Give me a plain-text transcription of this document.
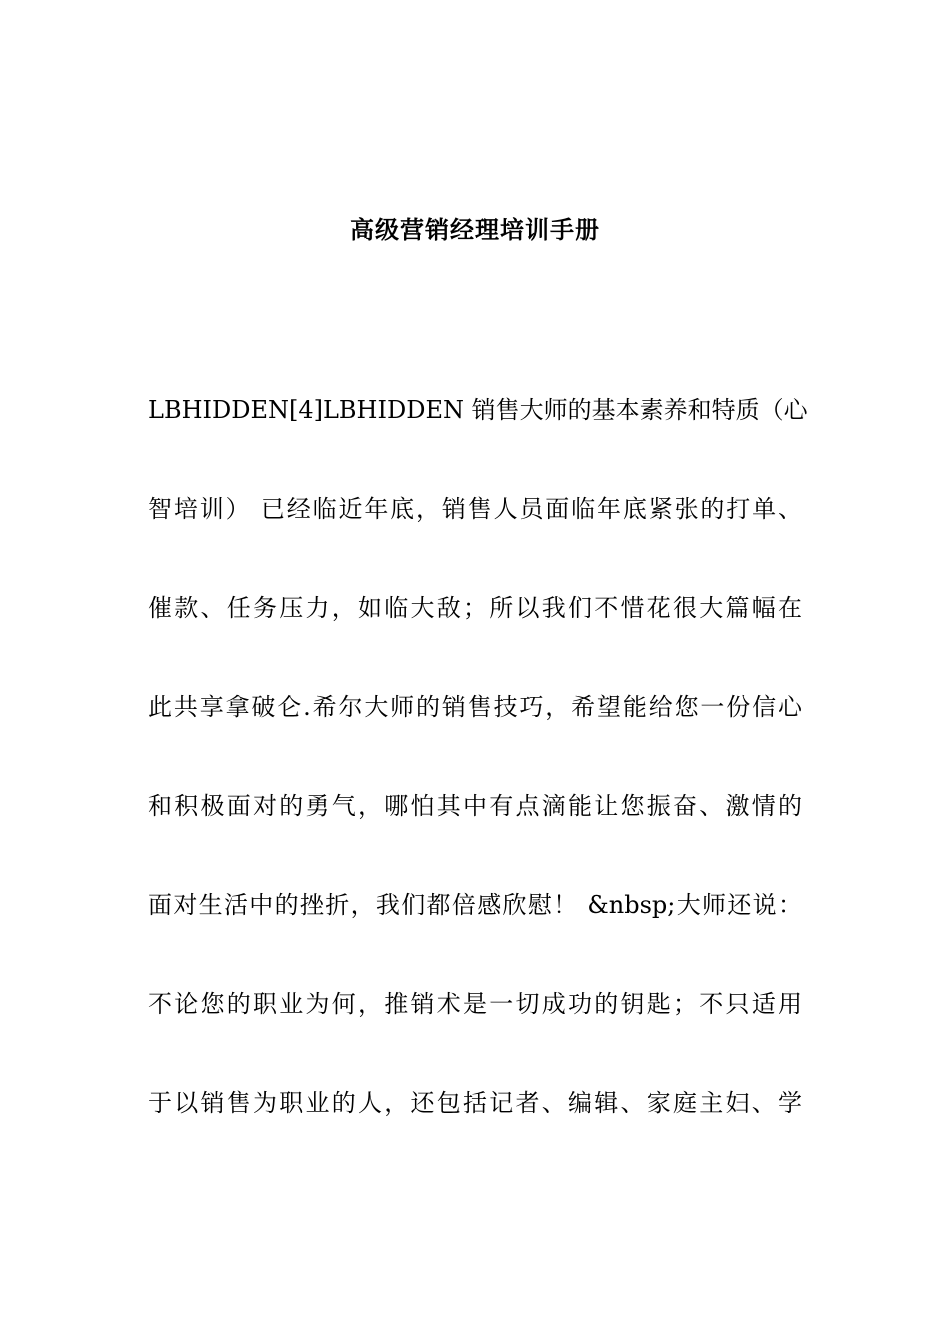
高级营销经理培训手册
LBHIDDEN[4]LBHIDDEN 销售大师的基本素养和特质（心
智培训） 已经临近年底，销售人员面临年底紧张的打单、
催款、任务压力，如临大敌；所以我们不惜花很大篇幅在
此共享拿破仑.希尔大师的销售技巧，希望能给您一份信心
和积极面对的勇气，哪怕其中有点滴能让您振奋、激情的
面对生活中的挫折，我们都倍感欣慰！ &nbsp;大师还说：
不论您的职业为何，推销术是一切成功的钥匙；不只适用
于以销售为职业的人，还包括记者、编辑、家庭主妇、学
